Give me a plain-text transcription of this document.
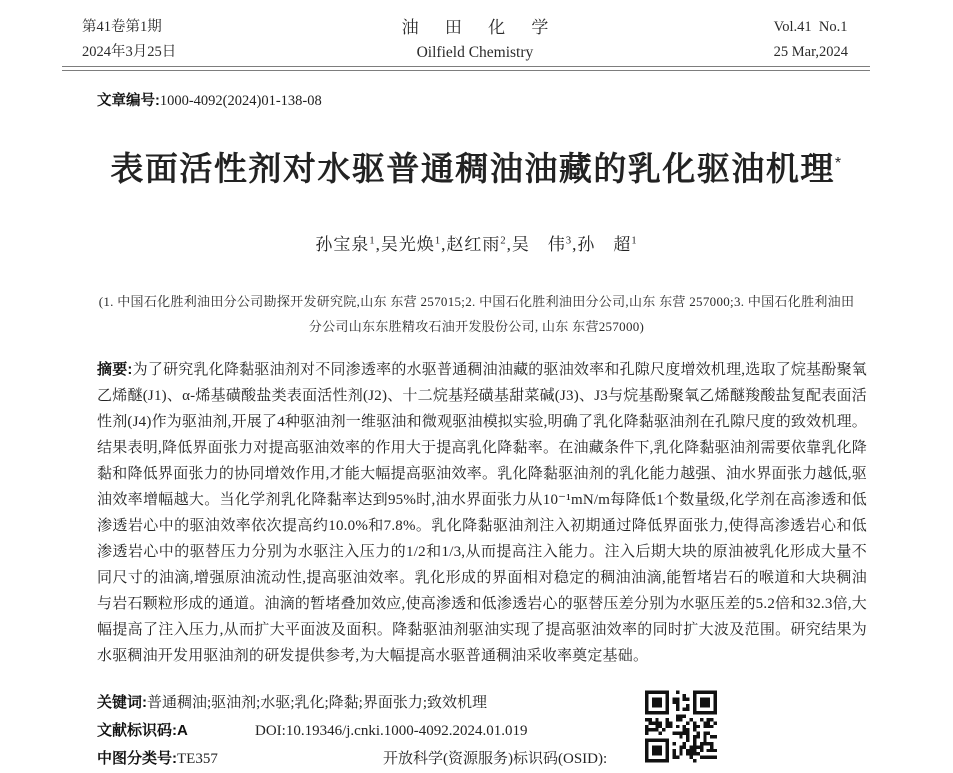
第41卷第1期
2024年3月25日
油 田 化 学
Oilfield Chemistry
Vol.41  No.1
25 Mar,2024
文章编号:1000-4092(2024)01-138-08
表面活性剂对水驱普通稠油油藏的乳化驱油机理*
孙宝泉$^1$,吴光焕$^1$,赵红雨$^2$,吴　伟$^3$,孙　超$^1$
(1. 中国石化胜利油田分公司勘探开发研究院,山东 东营 257015;2. 中国石化胜利油田分公司,山东 东营 257000;3. 中国石化胜利油田
分公司山东东胜精攻石油开发股份公司, 山东 东营257000)
摘要:为了研究乳化降黏驱油剂对不同渗透率的水驱普通稠油油藏的驱油效率和孔隙尺度增效机理,选取了烷基酚聚氧乙烯醚(J1)、α-烯基磺酸盐类表面活性剂(J2)、十二烷基羟磺基甜菜碱(J3)、J3与烷基酚聚氧乙烯醚羧酸盐复配表面活性剂(J4)作为驱油剂,开展了4种驱油剂一维驱油和微观驱油模拟实验,明确了乳化降黏驱油剂在孔隙尺度的致效机理。结果表明,降低界面张力对提高驱油效率的作用大于提高乳化降黏率。在油藏条件下,乳化降黏驱油剂需要依靠乳化降黏和降低界面张力的协同增效作用,才能大幅提高驱油效率。乳化降黏驱油剂的乳化能力越强、油水界面张力越低,驱油效率增幅越大。当化学剂乳化降黏率达到95%时,油水界面张力从10⁻¹mN/m每降低1个数量级,化学剂在高渗透和低渗透岩心中的驱油效率依次提高约10.0%和7.8%。乳化降黏驱油剂注入初期通过降低界面张力,使得高渗透岩心和低渗透岩心中的驱替压力分别为水驱注入压力的1/2和1/3,从而提高注入能力。注入后期大块的原油被乳化形成大量不同尺寸的油滴,增强原油流动性,提高驱油效率。乳化形成的界面相对稳定的稠油油滴,能暂堵岩石的喉道和大块稠油与岩石颗粒形成的通道。油滴的暂堵叠加效应,使高渗透和低渗透岩心的驱替压差分别为水驱压差的5.2倍和32.3倍,大幅提高了注入压力,从而扩大平面波及面积。降黏驱油剂驱油实现了提高驱油效率的同时扩大波及范围。研究结果为水驱稠油开发用驱油剂的研发提供参考,为大幅提高水驱普通稠油采收率奠定基础。
关键词:普通稠油;驱油剂;水驱;乳化;降黏;界面张力;致效机理
文献标识码:A	DOI:10.19346/j.cnki.1000-4092.2024.01.019
中图分类号:TE357	开放科学(资源服务)标识码(OSID):
